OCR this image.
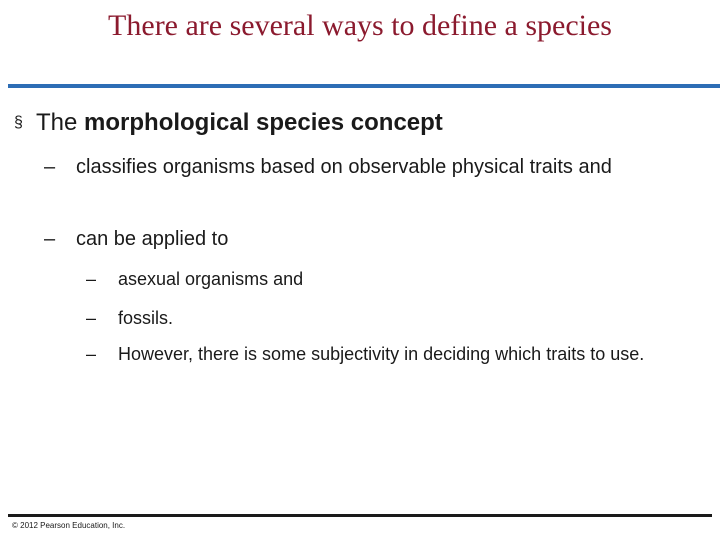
There are several ways to define a species
§ The morphological species concept
–	classifies organisms based on observable physical traits and
–	can be applied to
–	asexual organisms and
–	fossils.
–	However, there is some subjectivity in deciding which traits to use.
© 2012 Pearson Education, Inc.
